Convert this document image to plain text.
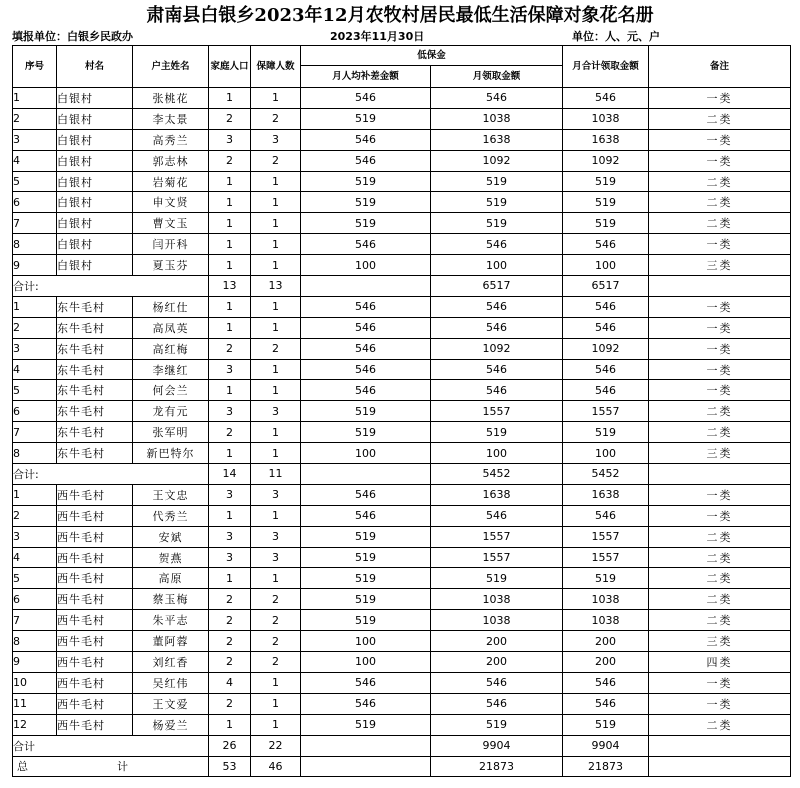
肃南县白银乡2023年12月农牧村居民最低生活保障对象花名册
填报单位：白银乡民政办	2023年11月30日	单位：人、元、户
序号	村名	户主姓名	家庭人口	保障人数	低保金		月合计领取金额	备注
					月人均补差金额	月领取金额		
1	白银村	张桃花	1	1	546	546	546	一类
2	白银村	李太景	2	2	519	1038	1038	二类
3	白银村	高秀兰	3	3	546	1638	1638	一类
4	白银村	郭志林	2	2	546	1092	1092	一类
5	白银村	岩菊花	1	1	519	519	519	二类
6	白银村	申文贤	1	1	519	519	519	二类
7	白银村	曹文玉	1	1	519	519	519	二类
8	白银村	闫开科	1	1	546	546	546	一类
9	白银村	夏玉芬	1	1	100	100	100	三类
合计:			13	13		6517	6517	
1	东牛毛村	杨红仕	1	1	546	546	546	一类
2	东牛毛村	高凤英	1	1	546	546	546	一类
3	东牛毛村	高红梅	2	2	546	1092	1092	一类
4	东牛毛村	李继红	3	1	546	546	546	一类
5	东牛毛村	何会兰	1	1	546	546	546	一类
6	东牛毛村	龙有元	3	3	519	1557	1557	二类
7	东牛毛村	张军明	2	1	519	519	519	二类
8	东牛毛村	新巴特尔	1	1	100	100	100	三类
合计:			14	11		5452	5452	
1	西牛毛村	王文忠	3	3	546	1638	1638	一类
2	西牛毛村	代秀兰	1	1	546	546	546	一类
3	西牛毛村	安斌	3	3	519	1557	1557	二类
4	西牛毛村	贺燕	3	3	519	1557	1557	二类
5	西牛毛村	高原	1	1	519	519	519	二类
6	西牛毛村	蔡玉梅	2	2	519	1038	1038	二类
7	西牛毛村	朱平志	2	2	519	1038	1038	二类
8	西牛毛村	董阿蓉	2	2	100	200	200	三类
9	西牛毛村	刘红香	2	2	100	200	200	四类
10	西牛毛村	吴红伟	4	1	546	546	546	一类
11	西牛毛村	王文爱	2	1	546	546	546	一类
12	西牛毛村	杨爱兰	1	1	519	519	519	二类
合计			26	22		9904	9904	
总 计			53	46		21873	21873	
